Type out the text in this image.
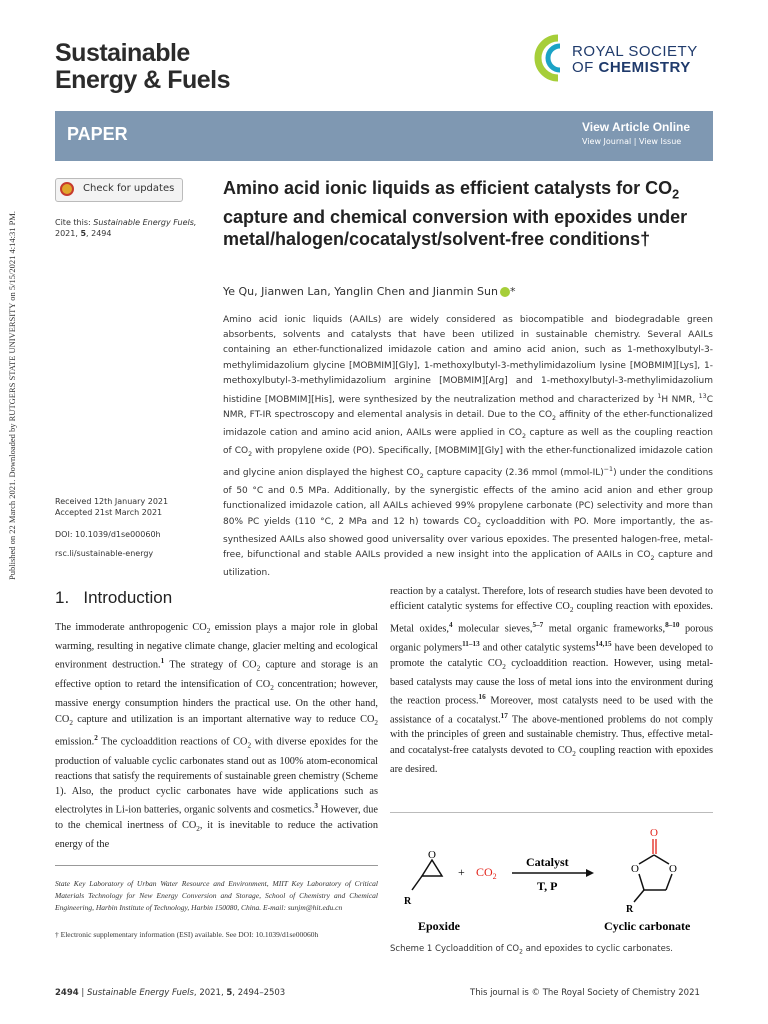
Sustainable
Energy & Fuels
ROYAL SOCIETY
OF CHEMISTRY
PAPER	View Article Online
View Journal | View Issue
Published on 22 March 2021. Downloaded by RUTGERS STATE UNIVERSITY on 5/15/2021 4:14:31 PM.
Check for updates
Cite this: Sustainable Energy Fuels,
2021, 5, 2494
Received 12th January 2021
Accepted 21st March 2021
DOI: 10.1039/d1se00060h
rsc.li/sustainable-energy
Amino acid ionic liquids as efficient catalysts for $CO_2$ capture and chemical conversion with epoxides under metal/halogen/cocatalyst/solvent-free conditions†
Ye Qu, Jianwen Lan, Yanglin Chen and Jianmin Sun *
Amino acid ionic liquids (AAILs) are widely considered as biocompatible and biodegradable green absorbents, solvents and catalysts that have been utilized in sustainable chemistry. Several AAILs containing an ether-functionalized imidazole cation and amino acid anion, such as 1-methoxylbutyl-3-methylimidazolium glycine [MOBMIM][Gly], 1-methoxylbutyl-3-methylimidazolium lysine [MOBMIM][Lys], 1-methoxylbutyl-3-methylimidazolium arginine [MOBMIM][Arg] and 1-methoxylbutyl-3-methylimidazolium histidine [MOBMIM][His], were synthesized by the neutralization method and characterized by $^1$H NMR, $^{13}$C NMR, FT-IR spectroscopy and elemental analysis in detail. Due to the $CO_2$ affinity of the ether-functionalized imidazole cation and amino acid anion, AAILs were applied in $CO_2$ capture as well as the coupling reaction of $CO_2$ with propylene oxide (PO). Specifically, [MOBMIM][Gly] with the ether-functionalized imidazole cation and glycine anion displayed the highest $CO_2$ capture capacity (2.36 mmol (mmol-IL)$^{-1}$) under the conditions of 50 °C and 0.5 MPa. Additionally, by the synergistic effects of the amino acid anion and ether group functionalized imidazole cation, all AAILs achieved 99% propylene carbonate (PC) selectivity and more than 80% PC yields (110 °C, 2 MPa and 12 h) towards $CO_2$ cycloaddition with PO. More importantly, the as-synthesized AAILs also showed good universality over various epoxides. The presented halogen-free, metal-free, bifunctional and stable AAILs provided a new insight into the application of AAILs in $CO_2$ capture and utilization.
1. Introduction
The immoderate anthropogenic $CO_2$ emission plays a major role in global warming, resulting in negative climate change, glacier melting and ecological environment destruction.$^1$ The strategy of $CO_2$ capture and storage is an effective option to retard the intensification of $CO_2$ concentration; however, massive energy consumption hinders the practical use. On the other hand, $CO_2$ capture and utilization is an important alternative way to reduce $CO_2$ emission.$^2$ The cycloaddition reactions of $CO_2$ with diverse epoxides for the production of valuable cyclic carbonates stand out as 100% atom-economical reactions that satisfy the requirements of sustainable green chemistry (Scheme 1). Also, the product cyclic carbonates have wide applications such as electrolytes in Li-ion batteries, organic solvents and cosmetics.$^3$ However, due to the chemical inertness of $CO_2$, it is inevitable to reduce the activation energy of the
reaction by a catalyst. Therefore, lots of research studies have been devoted to efficient catalytic systems for effective $CO_2$ coupling reaction with epoxides. Metal oxides,$^4$ molecular sieves,$^{5-7}$ metal organic frameworks,$^{8-10}$ porous organic polymers$^{11-13}$ and other catalytic systems$^{14,15}$ have been developed to promote the catalytic $CO_2$ cycloaddition reaction. However, using metal-based catalysts may cause the loss of metal ions into the environment during the reaction process.$^{16}$ Moreover, most catalysts need to be used with the assistance of a cocatalyst.$^{17}$ The above-mentioned problems do not comply with the principles of green and sustainable chemistry. Thus, effective metal- and cocatalyst-free catalysts devoted to $CO_2$ coupling reaction with epoxides are desired.
State Key Laboratory of Urban Water Resource and Environment, MIIT Key Laboratory of Critical Materials Technology for New Energy Conversion and Storage, School of Chemistry and Chemical Engineering, Harbin Institute of Technology, Harbin 150080, China. E-mail: sunjm@hit.edu.cn
† Electronic supplementary information (ESI) available. See DOI: 10.1039/d1se00060h
O
R
Epoxide
+ $CO_2$
Catalyst
T, P
O
O	O
R
Cyclic carbonate
Scheme 1 Cycloaddition of $CO_2$ and epoxides to cyclic carbonates.
2494 | Sustainable Energy Fuels, 2021, 5, 2494–2503	This journal is © The Royal Society of Chemistry 2021
